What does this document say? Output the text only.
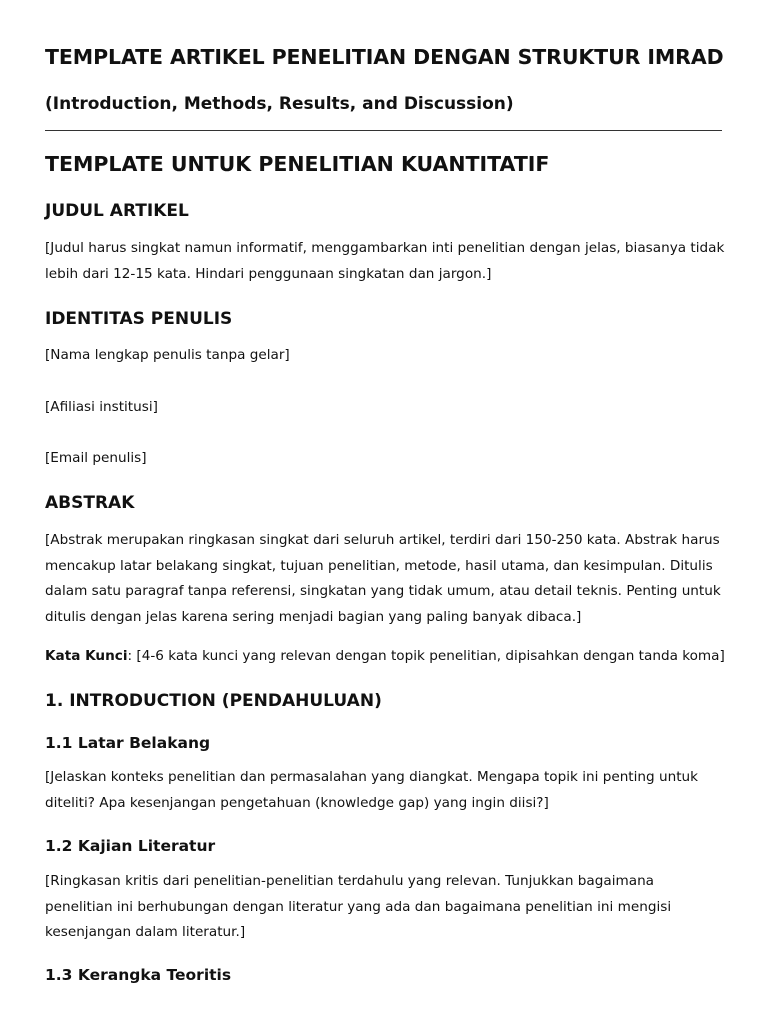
TEMPLATE ARTIKEL PENELITIAN DENGAN STRUKTUR IMRAD
(Introduction, Methods, Results, and Discussion)
TEMPLATE UNTUK PENELITIAN KUANTITATIF
JUDUL ARTIKEL

[Judul harus singkat namun informatif, menggambarkan inti penelitian dengan jelas, biasanya tidak lebih dari 12-15 kata. Hindari penggunaan singkatan dan jargon.]

IDENTITAS PENULIS

[Nama lengkap penulis tanpa gelar]

[Afiliasi institusi]

[Email penulis]

ABSTRAK

[Abstrak merupakan ringkasan singkat dari seluruh artikel, terdiri dari 150-250 kata. Abstrak harus mencakup latar belakang singkat, tujuan penelitian, metode, hasil utama, dan kesimpulan. Ditulis dalam satu paragraf tanpa referensi, singkatan yang tidak umum, atau detail teknis. Penting untuk ditulis dengan jelas karena sering menjadi bagian yang paling banyak dibaca.]

Kata Kunci: [4-6 kata kunci yang relevan dengan topik penelitian, dipisahkan dengan tanda koma]

1. INTRODUCTION (PENDAHULUAN)
1.1 Latar Belakang

[Jelaskan konteks penelitian dan permasalahan yang diangkat. Mengapa topik ini penting untuk diteliti? Apa kesenjangan pengetahuan (knowledge gap) yang ingin diisi?]

1.2 Kajian Literatur

[Ringkasan kritis dari penelitian-penelitian terdahulu yang relevan. Tunjukkan bagaimana penelitian ini berhubungan dengan literatur yang ada dan bagaimana penelitian ini mengisi kesenjangan dalam literatur.]

1.3 Kerangka Teoritis
